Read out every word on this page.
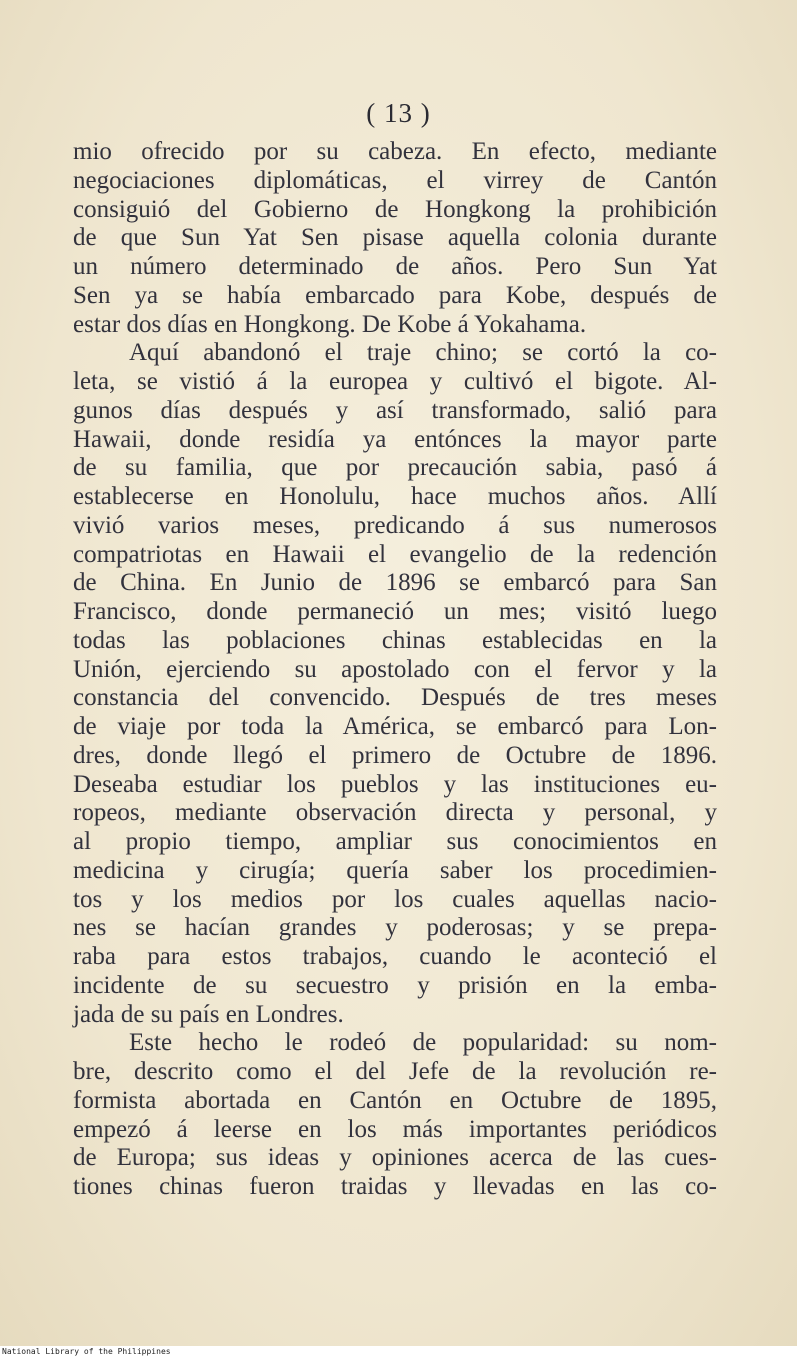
( 13 )
mio ofrecido por su cabeza. En efecto, mediante
negociaciones diplomáticas, el virrey de Cantón
consiguió del Gobierno de Hongkong la prohibición
de que Sun Yat Sen pisase aquella colonia durante
un número determinado de años. Pero Sun Yat
Sen ya se había embarcado para Kobe, después de
estar dos días en Hongkong. De Kobe á Yokahama.
Aquí abandonó el traje chino; se cortó la co-
leta, se vistió á la europea y cultivó el bigote. Al-
gunos días después y así transformado, salió para
Hawaii, donde residía ya entónces la mayor parte
de su familia, que por precaución sabia, pasó á
establecerse en Honolulu, hace muchos años. Allí
vivió varios meses, predicando á sus numerosos
compatriotas en Hawaii el evangelio de la redención
de China. En Junio de 1896 se embarcó para San
Francisco, donde permaneció un mes; visitó luego
todas las poblaciones chinas establecidas en la
Unión, ejerciendo su apostolado con el fervor y la
constancia del convencido. Después de tres meses
de viaje por toda la América, se embarcó para Lon-
dres, donde llegó el primero de Octubre de 1896.
Deseaba estudiar los pueblos y las instituciones eu-
ropeos, mediante observación directa y personal, y
al propio tiempo, ampliar sus conocimientos en
medicina y cirugía; quería saber los procedimien-
tos y los medios por los cuales aquellas nacio-
nes se hacían grandes y poderosas; y se prepa-
raba para estos trabajos, cuando le aconteció el
incidente de su secuestro y prisión en la emba-
jada de su país en Londres.
Este hecho le rodeó de popularidad: su nom-
bre, descrito como el del Jefe de la revolución re-
formista abortada en Cantón en Octubre de 1895,
empezó á leerse en los más importantes periódicos
de Europa; sus ideas y opiniones acerca de las cues-
tiones chinas fueron traidas y llevadas en las co-
National Library of the Philippines
